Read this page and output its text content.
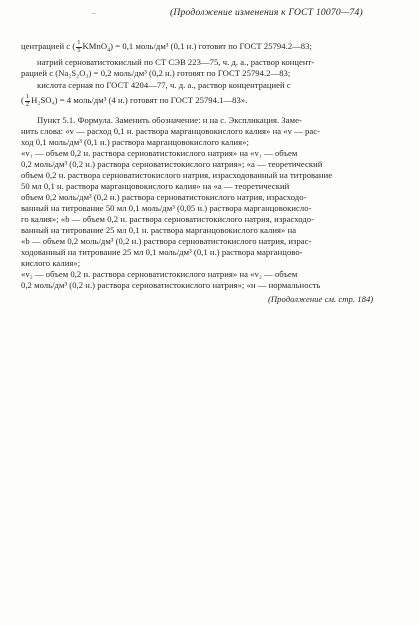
–	(Продолжение изменения к ГОСТ 10070—74)
центрацией с ( $\frac{1}{5}$ KMnO$_4$) = 0,1 моль/дм³ (0,1 н.) готовят по ГОСТ 25794.2—83;
натрий серноватистокислый по СТ СЭВ 223—75, ч. д. а., раствор концент-
рацией с (Na₂S₂O₃) = 0,2 моль/дм³ (0,2 н.) готовят по ГОСТ 25794.2—83;
кислота серная по ГОСТ 4204—77, ч. д. а., раствор концентрацией с
( $\frac{1}{2} H_2SO_4) = 4$ моль/дм³ (4 н.) готовят по ГОСТ 25794.1—83».
Пункт 5.1. Формула. Заменить обозначение: н на с. Экспликация. Заме-
нить слова: «v — расход 0,1 н. раствора марганцовокислого калия» на «v — рас-
ход 0,1 моль/дм³ (0,1 н.) раствора марганцовокислого калия»;
«v₁ — объем 0,2 н. раствора серноватистокислого натрия» на «v₁ — объем
0,2 моль/дм³ (0,2 н.) раствора серноватистокислого натрия»; «a — теоретический
объем 0,2 н. раствора серноватистокислого натрия, израсходованный на титрование
50 мл 0,1 н. раствора марганцовокислого калия» на «a — теоретический
объем 0,2 моль/дм³ (0,2 н.) раствора серноватистокислого натрия, израсходо-
ванный на титрование 50 мл 0,1 моль/дм³ (0,05 н.) раствора марганцовокисло-
го калия»; «b — объем 0,2 н. раствора серноватистокислого натрия, израсходо-
ванный на титрование 25 мл 0,1 н. раствора марганцовокислого калия» на
«b — объем 0,2 моль/дм³ (0,2 н.) раствора серноватистокислого натрия, израс-
ходованный на титрование 25 мл 0,1 моль/дм³ (0,1 н.) раствора марганцово-
кислого калия»;
«v₂ — объем 0,2 н. раствора серноватистокислого натрия» на «v₂ — объем
0,2 моль/дм³ (0,2 н.) раствора серноватистокислого натрия»; «н — нормальность
(Продолжение см. стр. 184)
